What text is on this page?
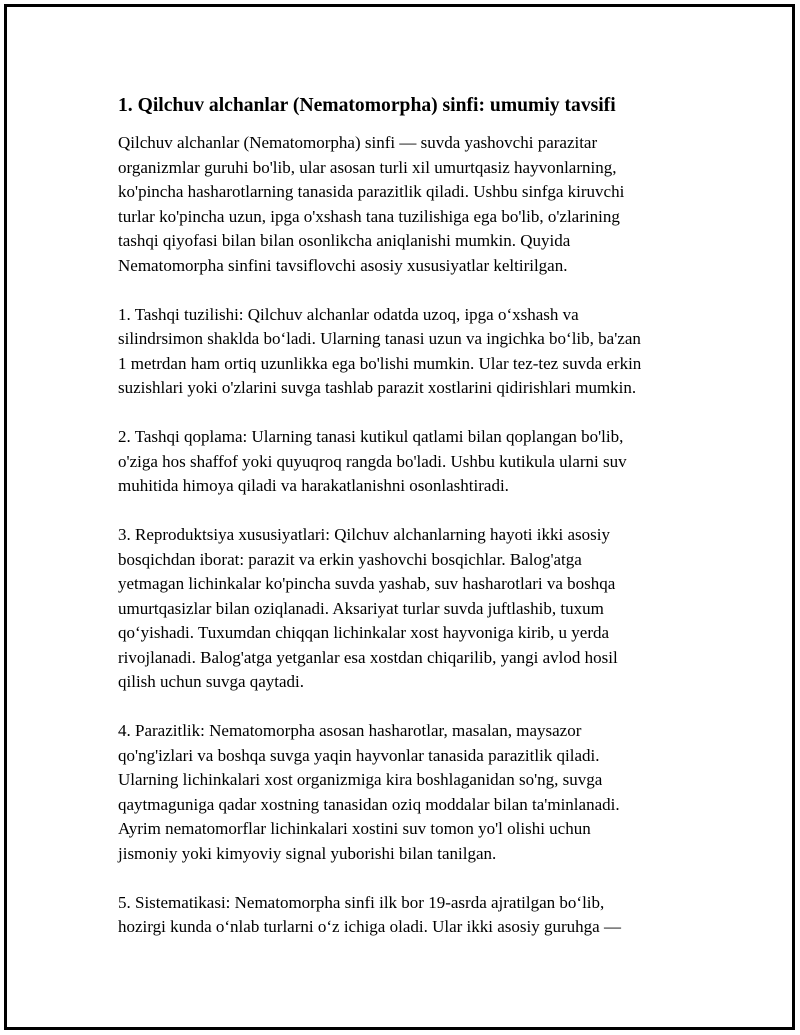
1. Qilchuv alchanlar (Nematomorpha) sinfi: umumiy tavsifi
Qilchuv alchanlar (Nematomorpha) sinfi — suvda yashovchi parazitar
organizmlar guruhi bo'lib, ular asosan turli xil umurtqasiz hayvonlarning,
ko'pincha hasharotlarning tanasida parazitlik qiladi. Ushbu sinfga kiruvchi
turlar ko'pincha uzun, ipga o'xshash tana tuzilishiga ega bo'lib, o'zlarining
tashqi qiyofasi bilan bilan osonlikcha aniqlanishi mumkin. Quyida
Nematomorpha sinfini tavsiflovchi asosiy xususiyatlar keltirilgan.
1. Tashqi tuzilishi: Qilchuv alchanlar odatda uzoq, ipga o‘xshash va
silindrsimon shaklda bo‘ladi. Ularning tanasi uzun va ingichka bo‘lib, ba'zan
1 metrdan ham ortiq uzunlikka ega bo'lishi mumkin. Ular tez-tez suvda erkin
suzishlari yoki o'zlarini suvga tashlab parazit xostlarini qidirishlari mumkin.
2. Tashqi qoplama: Ularning tanasi kutikul qatlami bilan qoplangan bo'lib,
o'ziga hos shaffof yoki quyuqroq rangda bo'ladi. Ushbu kutikula ularni suv
muhitida himoya qiladi va harakatlanishni osonlashtiradi.
3. Reproduktsiya xususiyatlari: Qilchuv alchanlarning hayoti ikki asosiy
bosqichdan iborat: parazit va erkin yashovchi bosqichlar. Balog'atga
yetmagan lichinkalar ko'pincha suvda yashab, suv hasharotlari va boshqa
umurtqasizlar bilan oziqlanadi. Aksariyat turlar suvda juftlashib, tuxum
qo‘yishadi. Tuxumdan chiqqan lichinkalar xost hayvoniga kirib, u yerda
rivojlanadi. Balog'atga yetganlar esa xostdan chiqarilib, yangi avlod hosil
qilish uchun suvga qaytadi.
4. Parazitlik: Nematomorpha asosan hasharotlar, masalan, maysazor
qo'ng'izlari va boshqa suvga yaqin hayvonlar tanasida parazitlik qiladi.
Ularning lichinkalari xost organizmiga kira boshlaganidan so'ng, suvga
qaytmaguniga qadar xostning tanasidan oziq moddalar bilan ta'minlanadi.
Ayrim nematomorflar lichinkalari xostini suv tomon yo'l olishi uchun
jismoniy yoki kimyoviy signal yuborishi bilan tanilgan.
5. Sistematikasi: Nematomorpha sinfi ilk bor 19-asrda ajratilgan bo‘lib,
hozirgi kunda o‘nlab turlarni o‘z ichiga oladi. Ular ikki asosiy guruhga —
